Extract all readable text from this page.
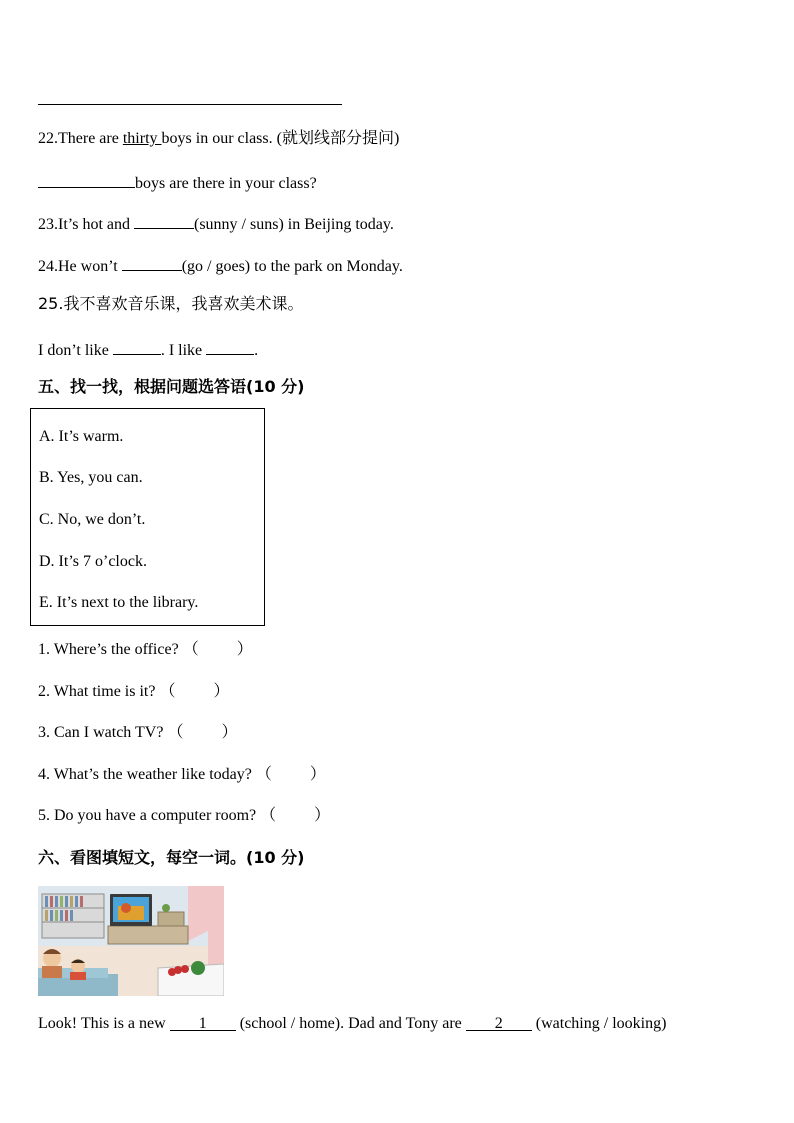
22.There are thirty boys in our class. (就划线部分提问)
boys are there in your class?
23.It’s hot and	(sunny / suns) in Beijing today.
24.He won’t	(go / goes) to the park on Monday.
25.我不喜欢音乐课，我喜欢美术课。
I don’t like	. I like	.
五、找一找，根据问题选答语(10 分)
A. It’s warm.
B. Yes, you can.
C. No, we don’t.
D. It’s 7 o’clock.
E. It’s next to the library.
1. Where’s the office? （ ）
2. What time is it? （ ）
3. Can I watch TV? （ ）
4. What’s the weather like today? （ ）
5. Do you have a computer room? （ ）
六、看图填短文，每空一词。(10 分)
Look! This is a new 1 (school / home). Dad and Tony are 2 (watching / looking)
